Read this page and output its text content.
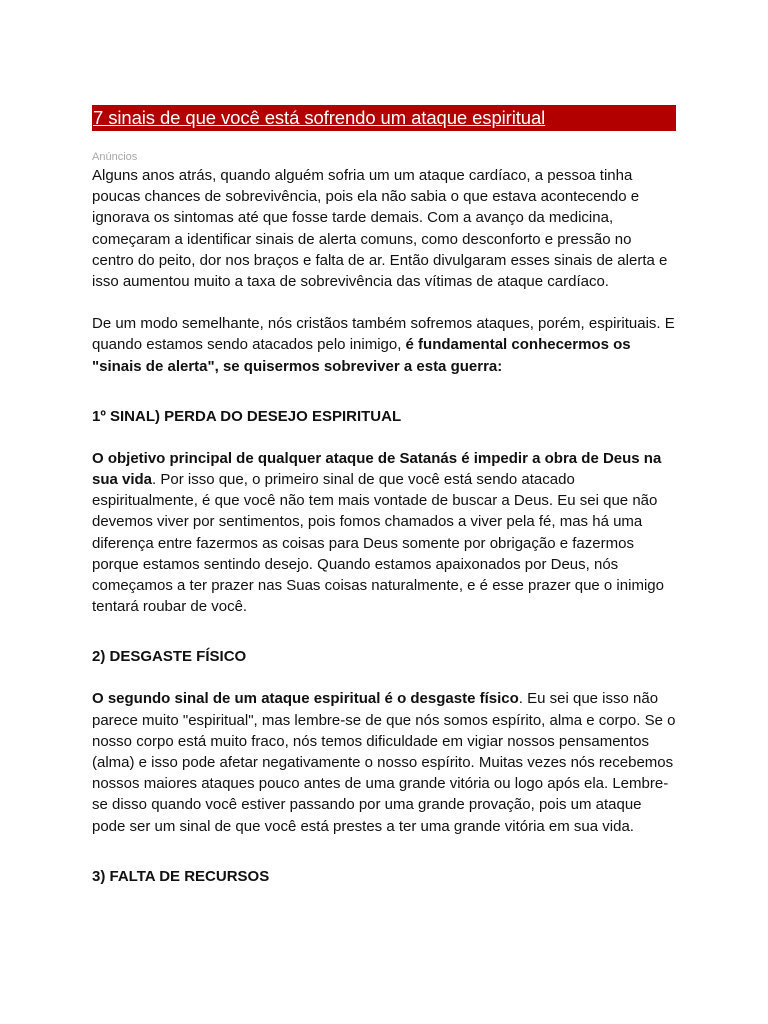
7 sinais de que você está sofrendo um ataque espiritual
Anúncios

Alguns anos atrás, quando alguém sofria um um ataque cardíaco, a pessoa tinha poucas chances de sobrevivência, pois ela não sabia o que estava acontecendo e ignorava os sintomas até que fosse tarde demais. Com a avanço da medicina, começaram a identificar sinais de alerta comuns, como desconforto e pressão no centro do peito, dor nos braços e falta de ar. Então divulgaram esses sinais de alerta e isso aumentou muito a taxa de sobrevivência das vítimas de ataque cardíaco.

De um modo semelhante, nós cristãos também sofremos ataques, porém, espirituais. E quando estamos sendo atacados pelo inimigo, é fundamental conhecermos os "sinais de alerta", se quisermos sobreviver a esta guerra:

1º SINAL) PERDA DO DESEJO ESPIRITUAL

O objetivo principal de qualquer ataque de Satanás é impedir a obra de Deus na sua vida. Por isso que, o primeiro sinal de que você está sendo atacado espiritualmente, é que você não tem mais vontade de buscar a Deus. Eu sei que não devemos viver por sentimentos, pois fomos chamados a viver pela fé, mas há uma diferença entre fazermos as coisas para Deus somente por obrigação e fazermos porque estamos sentindo desejo. Quando estamos apaixonados por Deus, nós começamos a ter prazer nas Suas coisas naturalmente, e é esse prazer que o inimigo tentará roubar de você.

2) DESGASTE FÍSICO

O segundo sinal de um ataque espiritual é o desgaste físico. Eu sei que isso não parece muito "espiritual", mas lembre-se de que nós somos espírito, alma e corpo. Se o nosso corpo está muito fraco, nós temos dificuldade em vigiar nossos pensamentos (alma) e isso pode afetar negativamente o nosso espírito. Muitas vezes nós recebemos nossos maiores ataques pouco antes de uma grande vitória ou logo após ela. Lembre-se disso quando você estiver passando por uma grande provação, pois um ataque pode ser um sinal de que você está prestes a ter uma grande vitória em sua vida.

3) FALTA DE RECURSOS
